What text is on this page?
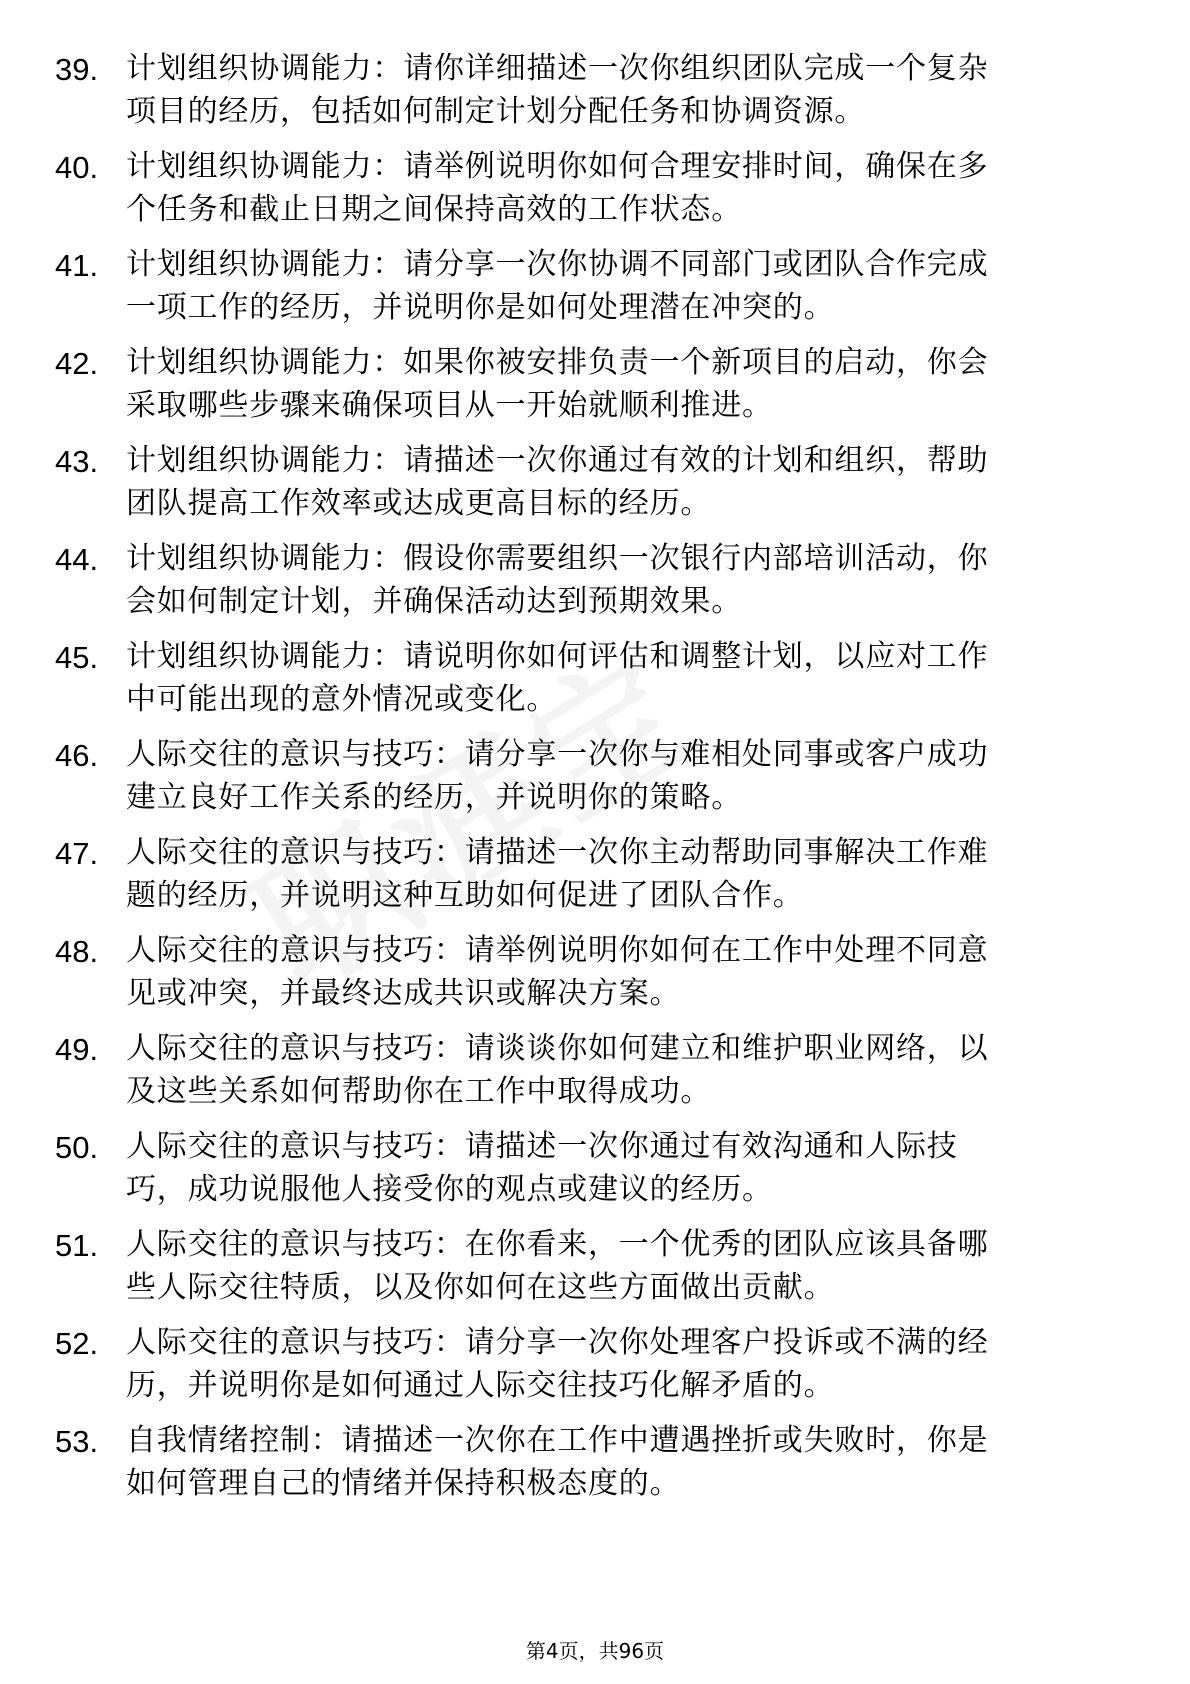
39. 计划组织协调能力：请你详细描述一次你组织团队完成一个复杂
项目的经历，包括如何制定计划分配任务和协调资源。
40. 计划组织协调能力：请举例说明你如何合理安排时间，确保在多
个任务和截止日期之间保持高效的工作状态。
41. 计划组织协调能力：请分享一次你协调不同部门或团队合作完成
一项工作的经历，并说明你是如何处理潜在冲突的。
42. 计划组织协调能力：如果你被安排负责一个新项目的启动，你会
采取哪些步骤来确保项目从一开始就顺利推进。
43. 计划组织协调能力：请描述一次你通过有效的计划和组织，帮助
团队提高工作效率或达成更高目标的经历。
44. 计划组织协调能力：假设你需要组织一次银行内部培训活动，你
会如何制定计划，并确保活动达到预期效果。
45. 计划组织协调能力：请说明你如何评估和调整计划，以应对工作
中可能出现的意外情况或变化。
46. 人际交往的意识与技巧：请分享一次你与难相处同事或客户成功
建立良好工作关系的经历，并说明你的策略。
47. 人际交往的意识与技巧：请描述一次你主动帮助同事解决工作难
题的经历，并说明这种互助如何促进了团队合作。
48. 人际交往的意识与技巧：请举例说明你如何在工作中处理不同意
见或冲突，并最终达成共识或解决方案。
49. 人际交往的意识与技巧：请谈谈你如何建立和维护职业网络，以
及这些关系如何帮助你在工作中取得成功。
50. 人际交往的意识与技巧：请描述一次你通过有效沟通和人际技
巧，成功说服他人接受你的观点或建议的经历。
51. 人际交往的意识与技巧：在你看来，一个优秀的团队应该具备哪
些人际交往特质，以及你如何在这些方面做出贡献。
52. 人际交往的意识与技巧：请分享一次你处理客户投诉或不满的经
历，并说明你是如何通过人际交往技巧化解矛盾的。
53. 自我情绪控制：请描述一次你在工作中遭遇挫折或失败时，你是
如何管理自己的情绪并保持积极态度的。
第4页，共96页
